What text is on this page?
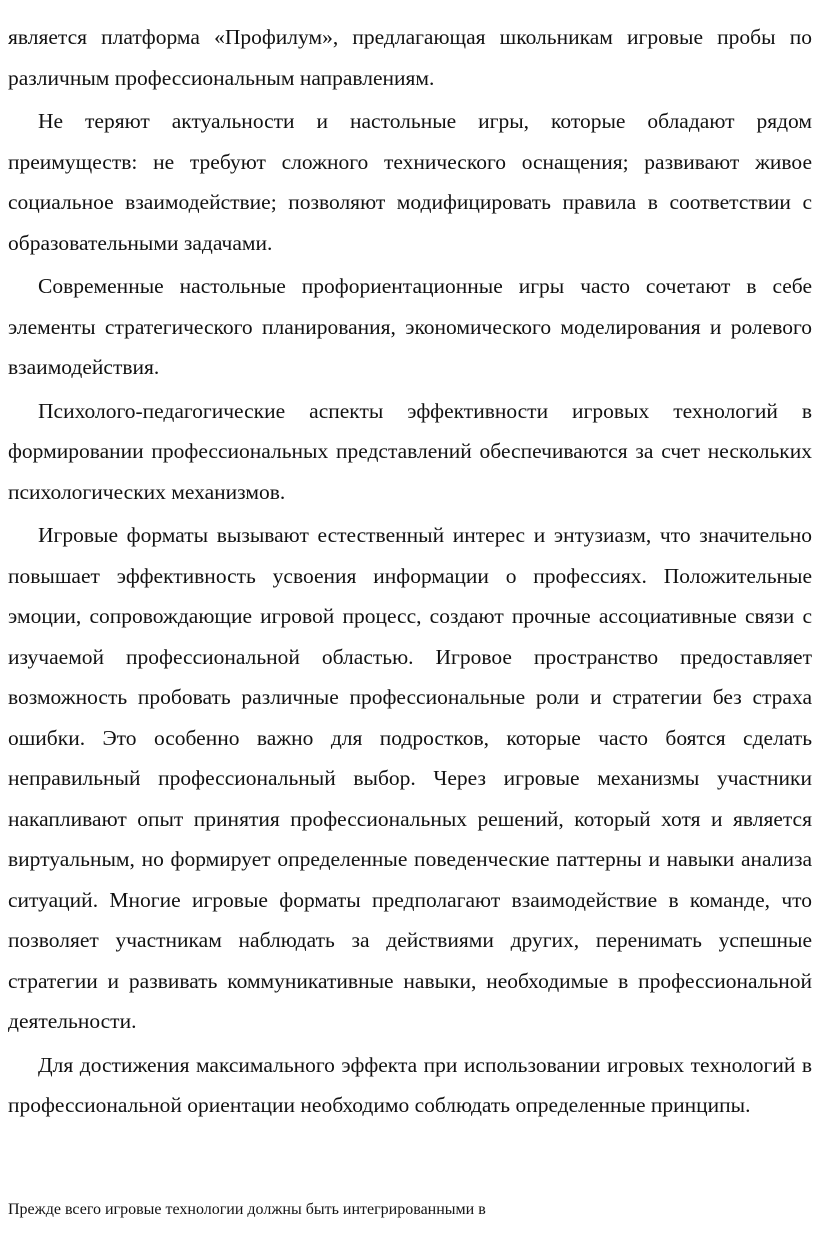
является платформа «Профилум», предлагающая школьникам игровые пробы по различным профессиональным направлениям.

Не теряют актуальности и настольные игры, которые обладают рядом преимуществ: не требуют сложного технического оснащения; развивают живое социальное взаимодействие; позволяют модифицировать правила в соответствии с образовательными задачами.

Современные настольные профориентационные игры часто сочетают в себе элементы стратегического планирования, экономического моделирования и ролевого взаимодействия.

Психолого-педагогические аспекты эффективности игровых технологий в формировании профессиональных представлений обеспечиваются за счет нескольких психологических механизмов.

Игровые форматы вызывают естественный интерес и энтузиазм, что значительно повышает эффективность усвоения информации о профессиях. Положительные эмоции, сопровождающие игровой процесс, создают прочные ассоциативные связи с изучаемой профессиональной областью. Игровое пространство предоставляет возможность пробовать различные профессиональные роли и стратегии без страха ошибки. Это особенно важно для подростков, которые часто боятся сделать неправильный профессиональный выбор. Через игровые механизмы участники накапливают опыт принятия профессиональных решений, который хотя и является виртуальным, но формирует определенные поведенческие паттерны и навыки анализа ситуаций. Многие игровые форматы предполагают взаимодействие в команде, что позволяет участникам наблюдать за действиями других, перенимать успешные стратегии и развивать коммуникативные навыки, необходимые в профессиональной деятельности.

Для достижения максимального эффекта при использовании игровых технологий в профессиональной ориентации необходимо соблюдать определенные принципы.

Прежде всего игровые технологии должны быть интегрированными в
